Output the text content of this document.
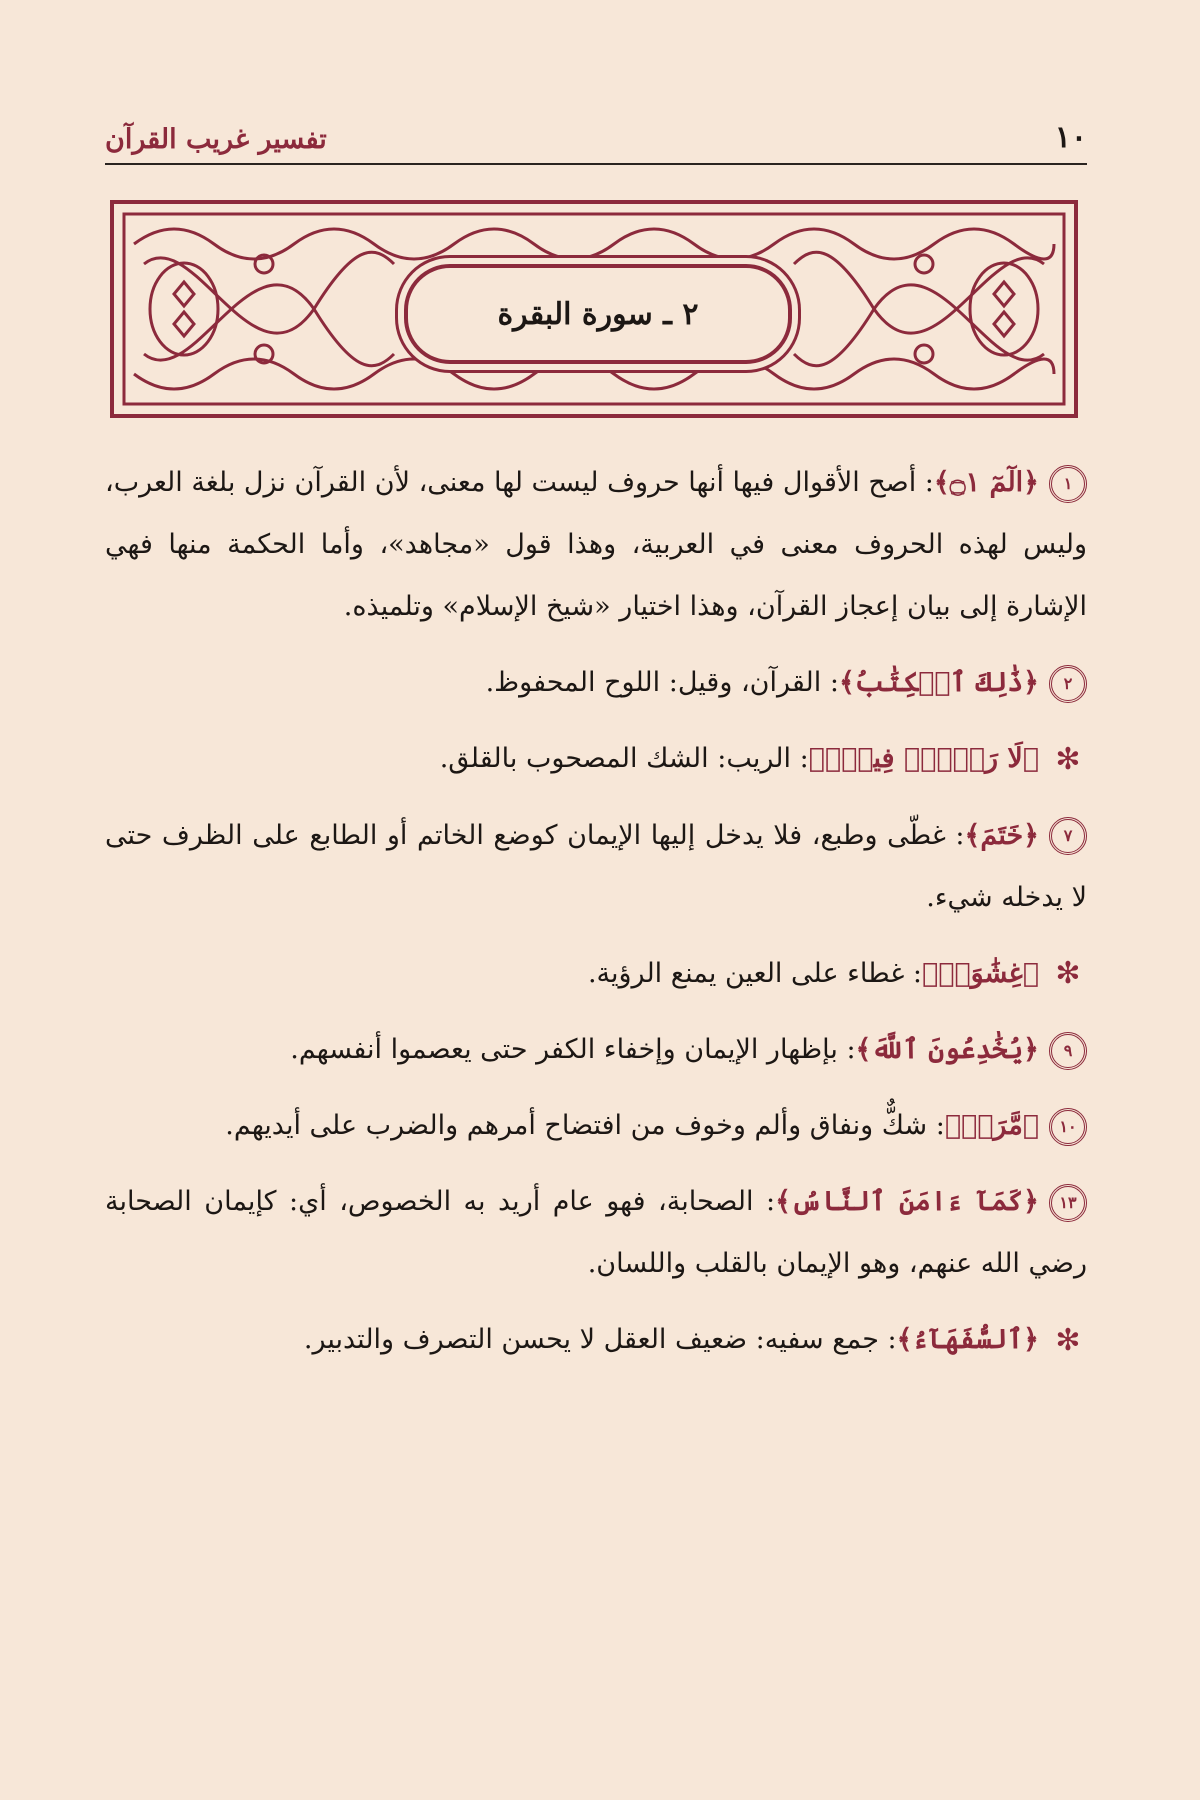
١٠
تفسير غريب القرآن
٢ ـ سورة البقرة

١﴿الٓمٓ ۝١﴾: أصح الأقوال فيها أنها حروف ليست لها معنى، لأن القرآن نزل بلغة العرب، وليس لهذه الحروف معنى في العربية، وهذا قول «مجاهد»، وأما الحكمة منها فهي الإشارة إلى بيان إعجاز القرآن، وهذا اختيار «شيخ الإسلام» وتلميذه.

٢﴿ذَٰلِكَ ٱلۡكِتَٰبُ﴾: القرآن، وقيل: اللوح المحفوظ.

✻﴿لَا رَيۡبَۛ فِيهِۛ﴾: الريب: الشك المصحوب بالقلق.

٧﴿خَتَمَ﴾: غطّى وطبع، فلا يدخل إليها الإيمان كوضع الخاتم أو الطابع على الظرف حتى لا يدخله شيء.

✻﴿غِشَٰوَةٞ﴾: غطاء على العين يمنع الرؤية.

٩﴿يُخَٰدِعُونَ ٱللَّهَ﴾: بإظهار الإيمان وإخفاء الكفر حتى يعصموا أنفسهم.

١٠﴿مَّرَضٞ﴾: شكٌّ ونفاق وألم وخوف من افتضاح أمرهم والضرب على أيديهم.

١٣﴿كَمَآ ءَامَنَ ٱلنَّاسُ﴾: الصحابة، فهو عام أريد به الخصوص، أي: كإيمان الصحابة رضي الله عنهم، وهو الإيمان بالقلب واللسان.

✻﴿ٱلسُّفَهَآءُ﴾: جمع سفيه: ضعيف العقل لا يحسن التصرف والتدبير.
